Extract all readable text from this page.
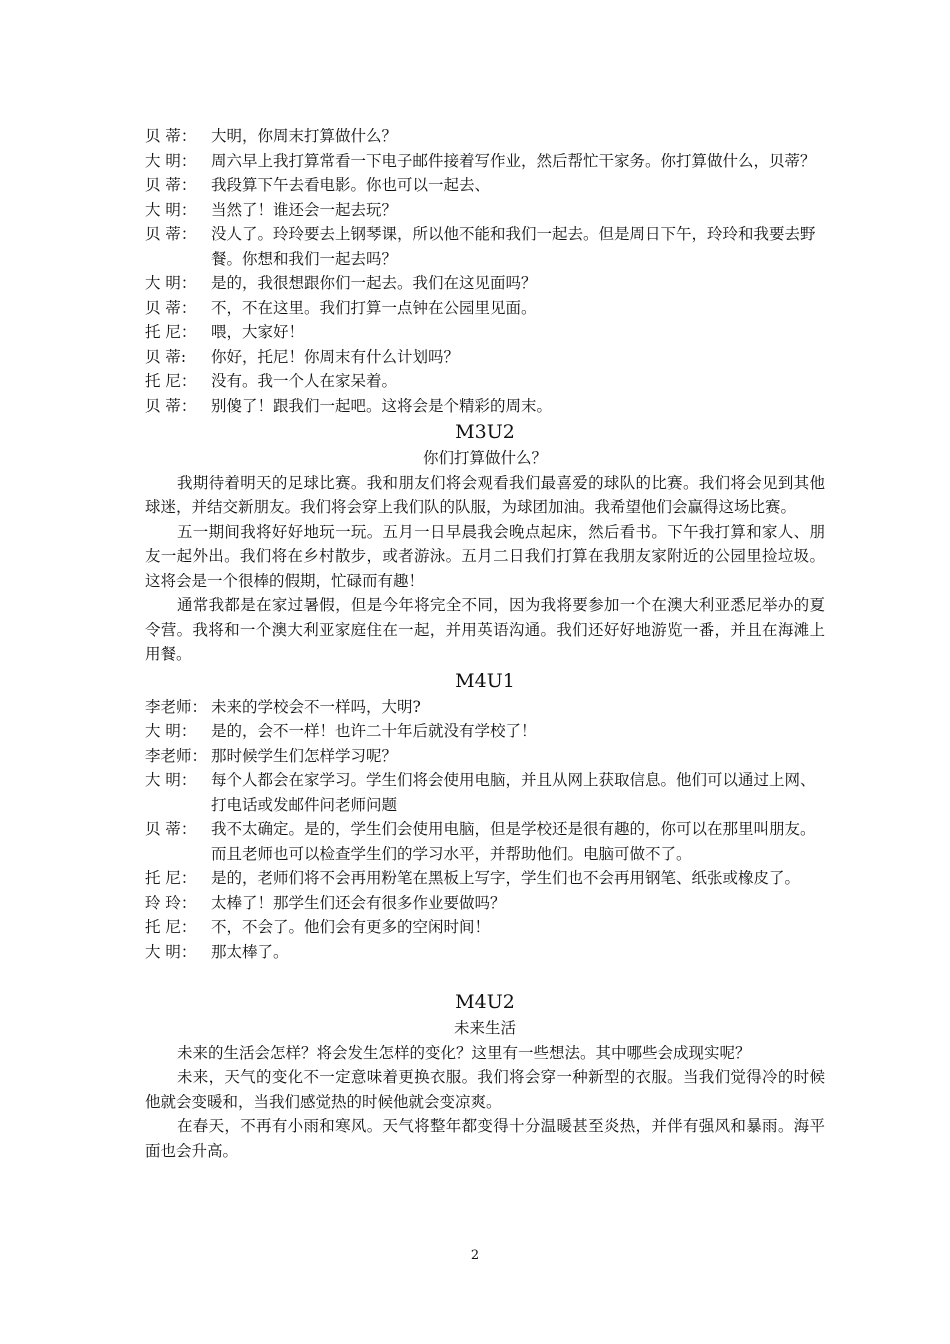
贝 蒂： 大明，你周末打算做什么？
大 明： 周六早上我打算常看一下电子邮件接着写作业，然后帮忙干家务。你打算做什么，贝蒂？
贝 蒂： 我段算下午去看电影。你也可以一起去、
大 明： 当然了！谁还会一起去玩？
贝 蒂： 没人了。玲玲要去上钢琴课，所以他不能和我们一起去。但是周日下午，玲玲和我要去野餐。你想和我们一起去吗？
大 明： 是的，我很想跟你们一起去。我们在这见面吗？
贝 蒂： 不，不在这里。我们打算一点钟在公园里见面。
托 尼： 喂，大家好！
贝 蒂:	你好，托尼！你周末有什么计划吗？
托 尼： 没有。我一个人在家呆着。
贝 蒂： 别傻了！跟我们一起吧。这将会是个精彩的周末。
M3U2

你们打算做什么？

我期待着明天的足球比赛。我和朋友们将会观看我们最喜爱的球队的比赛。我们将会见到其他球迷，并结交新朋友。我们将会穿上我们队的队服，为球团加油。我希望他们会赢得这场比赛。

五一期间我将好好地玩一玩。五月一日早晨我会晚点起床，然后看书。下午我打算和家人、朋友一起外出。我们将在乡村散步，或者游泳。五月二日我们打算在我朋友家附近的公园里捡垃圾。这将会是一个很棒的假期，忙碌而有趣！

通常我都是在家过暑假，但是今年将完全不同，因为我将要参加一个在澳大利亚悉尼举办的夏令营。我将和一个澳大利亚家庭住在一起，并用英语沟通。我们还好好地游览一番，并且在海滩上用餐。

M4U1
李老师： 未来的学校会不一样吗，大明?
大 明： 是的，会不一样！也许二十年后就没有学校了！
李老师： 那时候学生们怎样学习呢？
大 明： 每个人都会在家学习。学生们将会使用电脑，并且从网上获取信息。他们可以通过上网、打电话或发邮件问老师问题
贝 蒂： 我不太确定。是的，学生们会使用电脑，但是学校还是很有趣的，你可以在那里叫朋友。而且老师也可以检查学生们的学习水平，并帮助他们。电脑可做不了。
托 尼： 是的，老师们将不会再用粉笔在黑板上写字，学生们也不会再用钢笔、纸张或橡皮了。
玲 玲： 太棒了！那学生们还会有很多作业要做吗？
托 尼： 不，不会了。他们会有更多的空闲时间！
大 明： 那太棒了。
M4U2

未来生活

未来的生活会怎样？将会发生怎样的变化？这里有一些想法。其中哪些会成现实呢？

未来，天气的变化不一定意味着更换衣服。我们将会穿一种新型的衣服。当我们觉得冷的时候他就会变暖和，当我们感觉热的时候他就会变凉爽。

在春天，不再有小雨和寒风。天气将整年都变得十分温暖甚至炎热，并伴有强风和暴雨。海平面也会升高。

2
